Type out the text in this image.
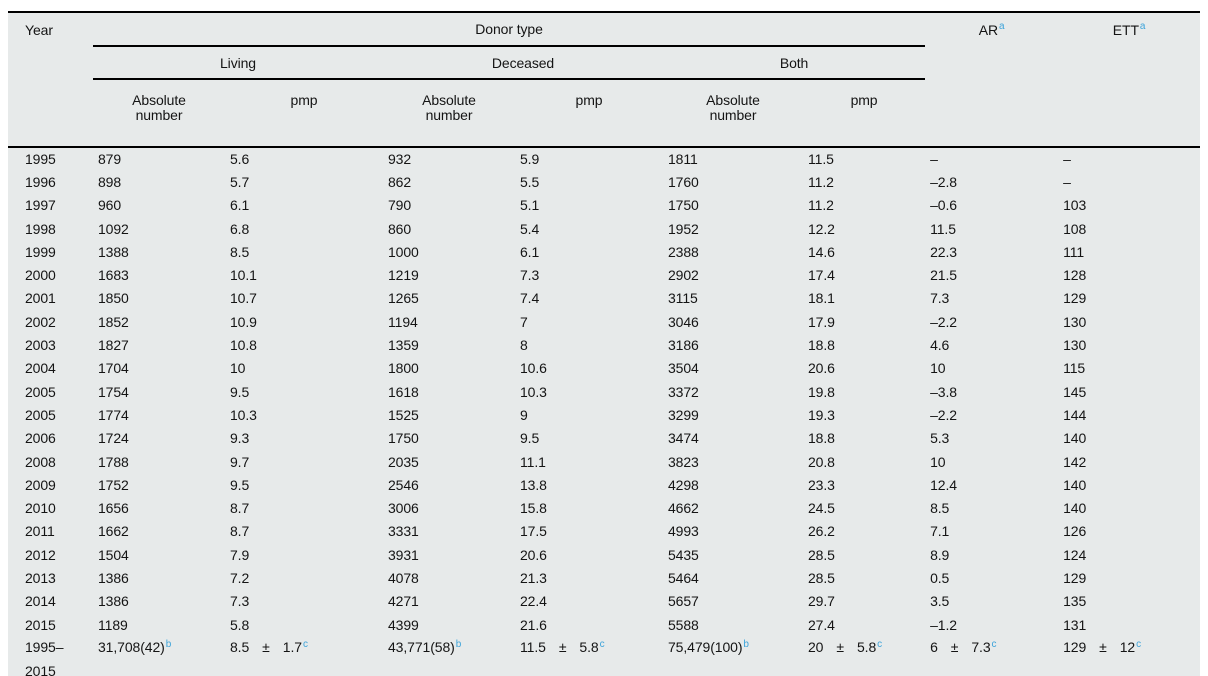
Year	Donor type						AR$^a$	ETT$^a$
	Living		Deceased		Both			
	Absolute number	pmp	Absolute number	pmp	Absolute number	pmp		
1995	879	5.6	932	5.9	1811	11.5	–	–
1996	898	5.7	862	5.5	1760	11.2	–2.8	–
1997	960	6.1	790	5.1	1750	11.2	–0.6	103
1998	1092	6.8	860	5.4	1952	12.2	11.5	108
1999	1388	8.5	1000	6.1	2388	14.6	22.3	111
2000	1683	10.1	1219	7.3	2902	17.4	21.5	128
2001	1850	10.7	1265	7.4	3115	18.1	7.3	129
2002	1852	10.9	1194	7	3046	17.9	–2.2	130
2003	1827	10.8	1359	8	3186	18.8	4.6	130
2004	1704	10	1800	10.6	3504	20.6	10	115
2005	1754	9.5	1618	10.3	3372	19.8	–3.8	145
2005	1774	10.3	1525	9	3299	19.3	–2.2	144
2006	1724	9.3	1750	9.5	3474	18.8	5.3	140
2008	1788	9.7	2035	11.1	3823	20.8	10	142
2009	1752	9.5	2546	13.8	4298	23.3	12.4	140
2010	1656	8.7	3006	15.8	4662	24.5	8.5	140
2011	1662	8.7	3331	17.5	4993	26.2	7.1	126
2012	1504	7.9	3931	20.6	5435	28.5	8.9	124
2013	1386	7.2	4078	21.3	5464	28.5	0.5	129
2014	1386	7.3	4271	22.4	5657	29.7	3.5	135
2015	1189	5.8	4399	21.6	5588	27.4	–1.2	131

1995–
2015	31,708(42)$^b$	8.5 ± 1.7$^c$	43,771(58)$^b$	11.5 ± 5.8$^c$	75,479(100)$^b$	20 ± 5.8$^c$	6 ± 7.3$^c$	129 ± 12$^c$
